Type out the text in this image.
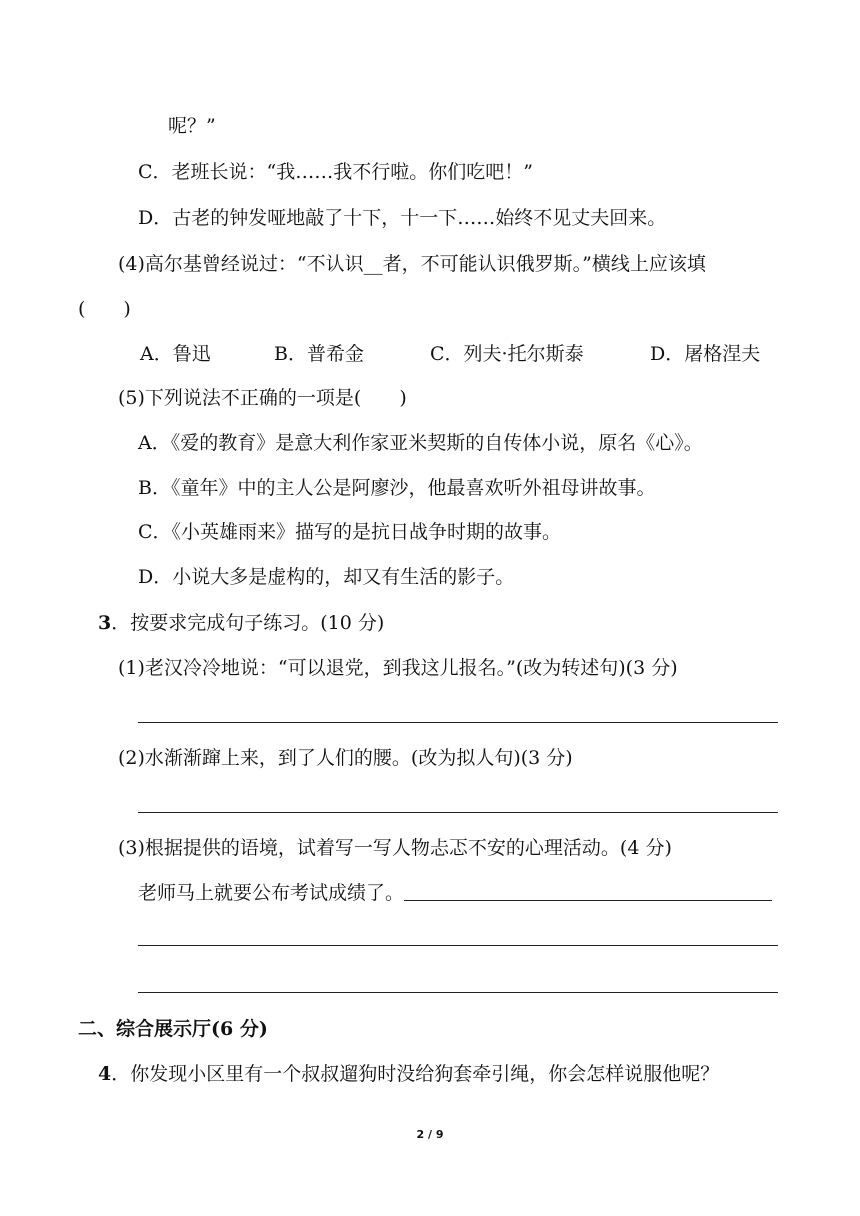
呢？”
C．老班长说：“我……我不行啦。你们吃吧！”
D．古老的钟发哑地敲了十下，十一下……始终不见丈夫回来。
(4)高尔基曾经说过：“不认识__者，不可能认识俄罗斯。”横线上应该填
(　　)
A．鲁迅	B．普希金	C．列夫·托尔斯泰	D．屠格涅夫
(5)下列说法不正确的一项是(　　)
A．《爱的教育》是意大利作家亚米契斯的自传体小说，原名《心》。
B．《童年》中的主人公是阿廖沙，他最喜欢听外祖母讲故事。
C．《小英雄雨来》描写的是抗日战争时期的故事。
D．小说大多是虚构的，却又有生活的影子。
3．按要求完成句子练习。(10 分)
(1)老汉冷冷地说：“可以退党，到我这儿报名。”(改为转述句)(3 分)
(2)水渐渐蹿上来，到了人们的腰。(改为拟人句)(3 分)
(3)根据提供的语境，试着写一写人物忐忑不安的心理活动。(4 分)
老师马上就要公布考试成绩了。
二、综合展示厅(6 分)
4．你发现小区里有一个叔叔遛狗时没给狗套牵引绳，你会怎样说服他呢？
2 / 9
